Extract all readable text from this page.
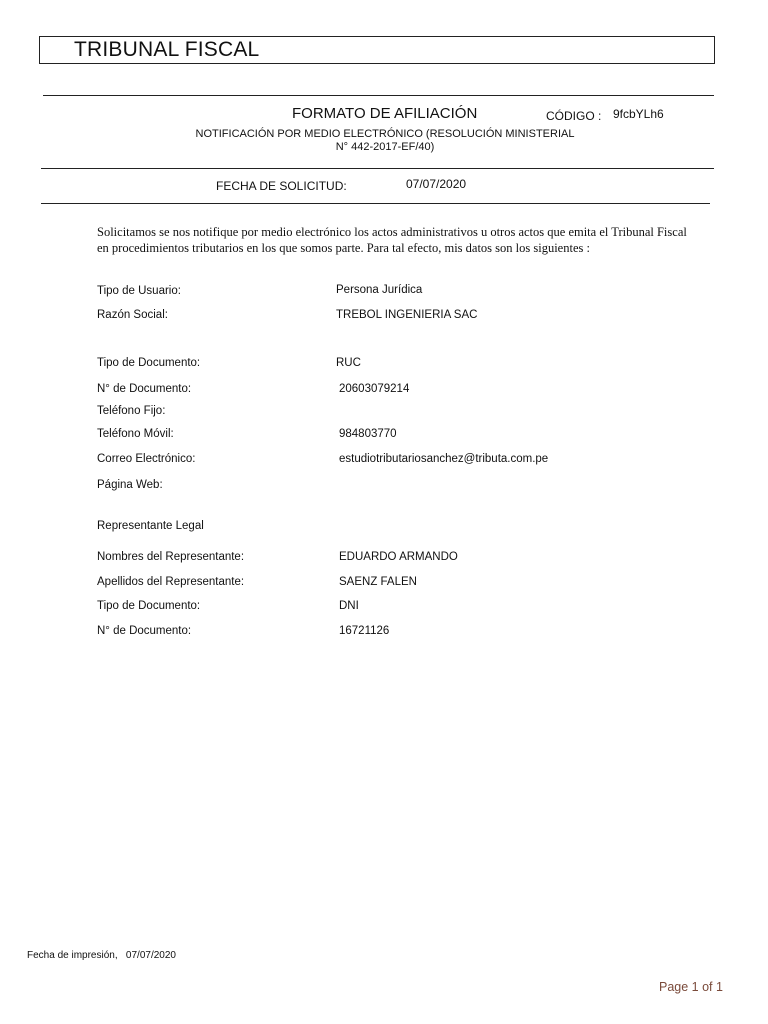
TRIBUNAL FISCAL
FORMATO DE AFILIACIÓN	CÓDIGO : 9fcbYLh6
NOTIFICACIÓN POR MEDIO ELECTRÓNICO (RESOLUCIÓN MINISTERIAL
N° 442-2017-EF/40)
FECHA DE SOLICITUD:	07/07/2020
Solicitamos se nos notifique por medio electrónico los actos administrativos u otros actos que emita el Tribunal Fiscal en procedimientos tributarios en los que somos parte. Para tal efecto, mis datos son los siguientes :
Tipo de Usuario:	Persona Jurídica
Razón Social:	TREBOL INGENIERIA SAC
Tipo de Documento:	RUC
N° de Documento:	20603079214
Teléfono Fijo:
Teléfono Móvil:	984803770
Correo Electrónico:	estudiotributariosanchez@tributa.com.pe
Página Web:
Representante Legal
Nombres del Representante:	EDUARDO ARMANDO
Apellidos del Representante:	SAENZ FALEN
Tipo de Documento:	DNI
N° de Documento:	16721126
Fecha de impresión,   07/07/2020
Page 1 of 1
